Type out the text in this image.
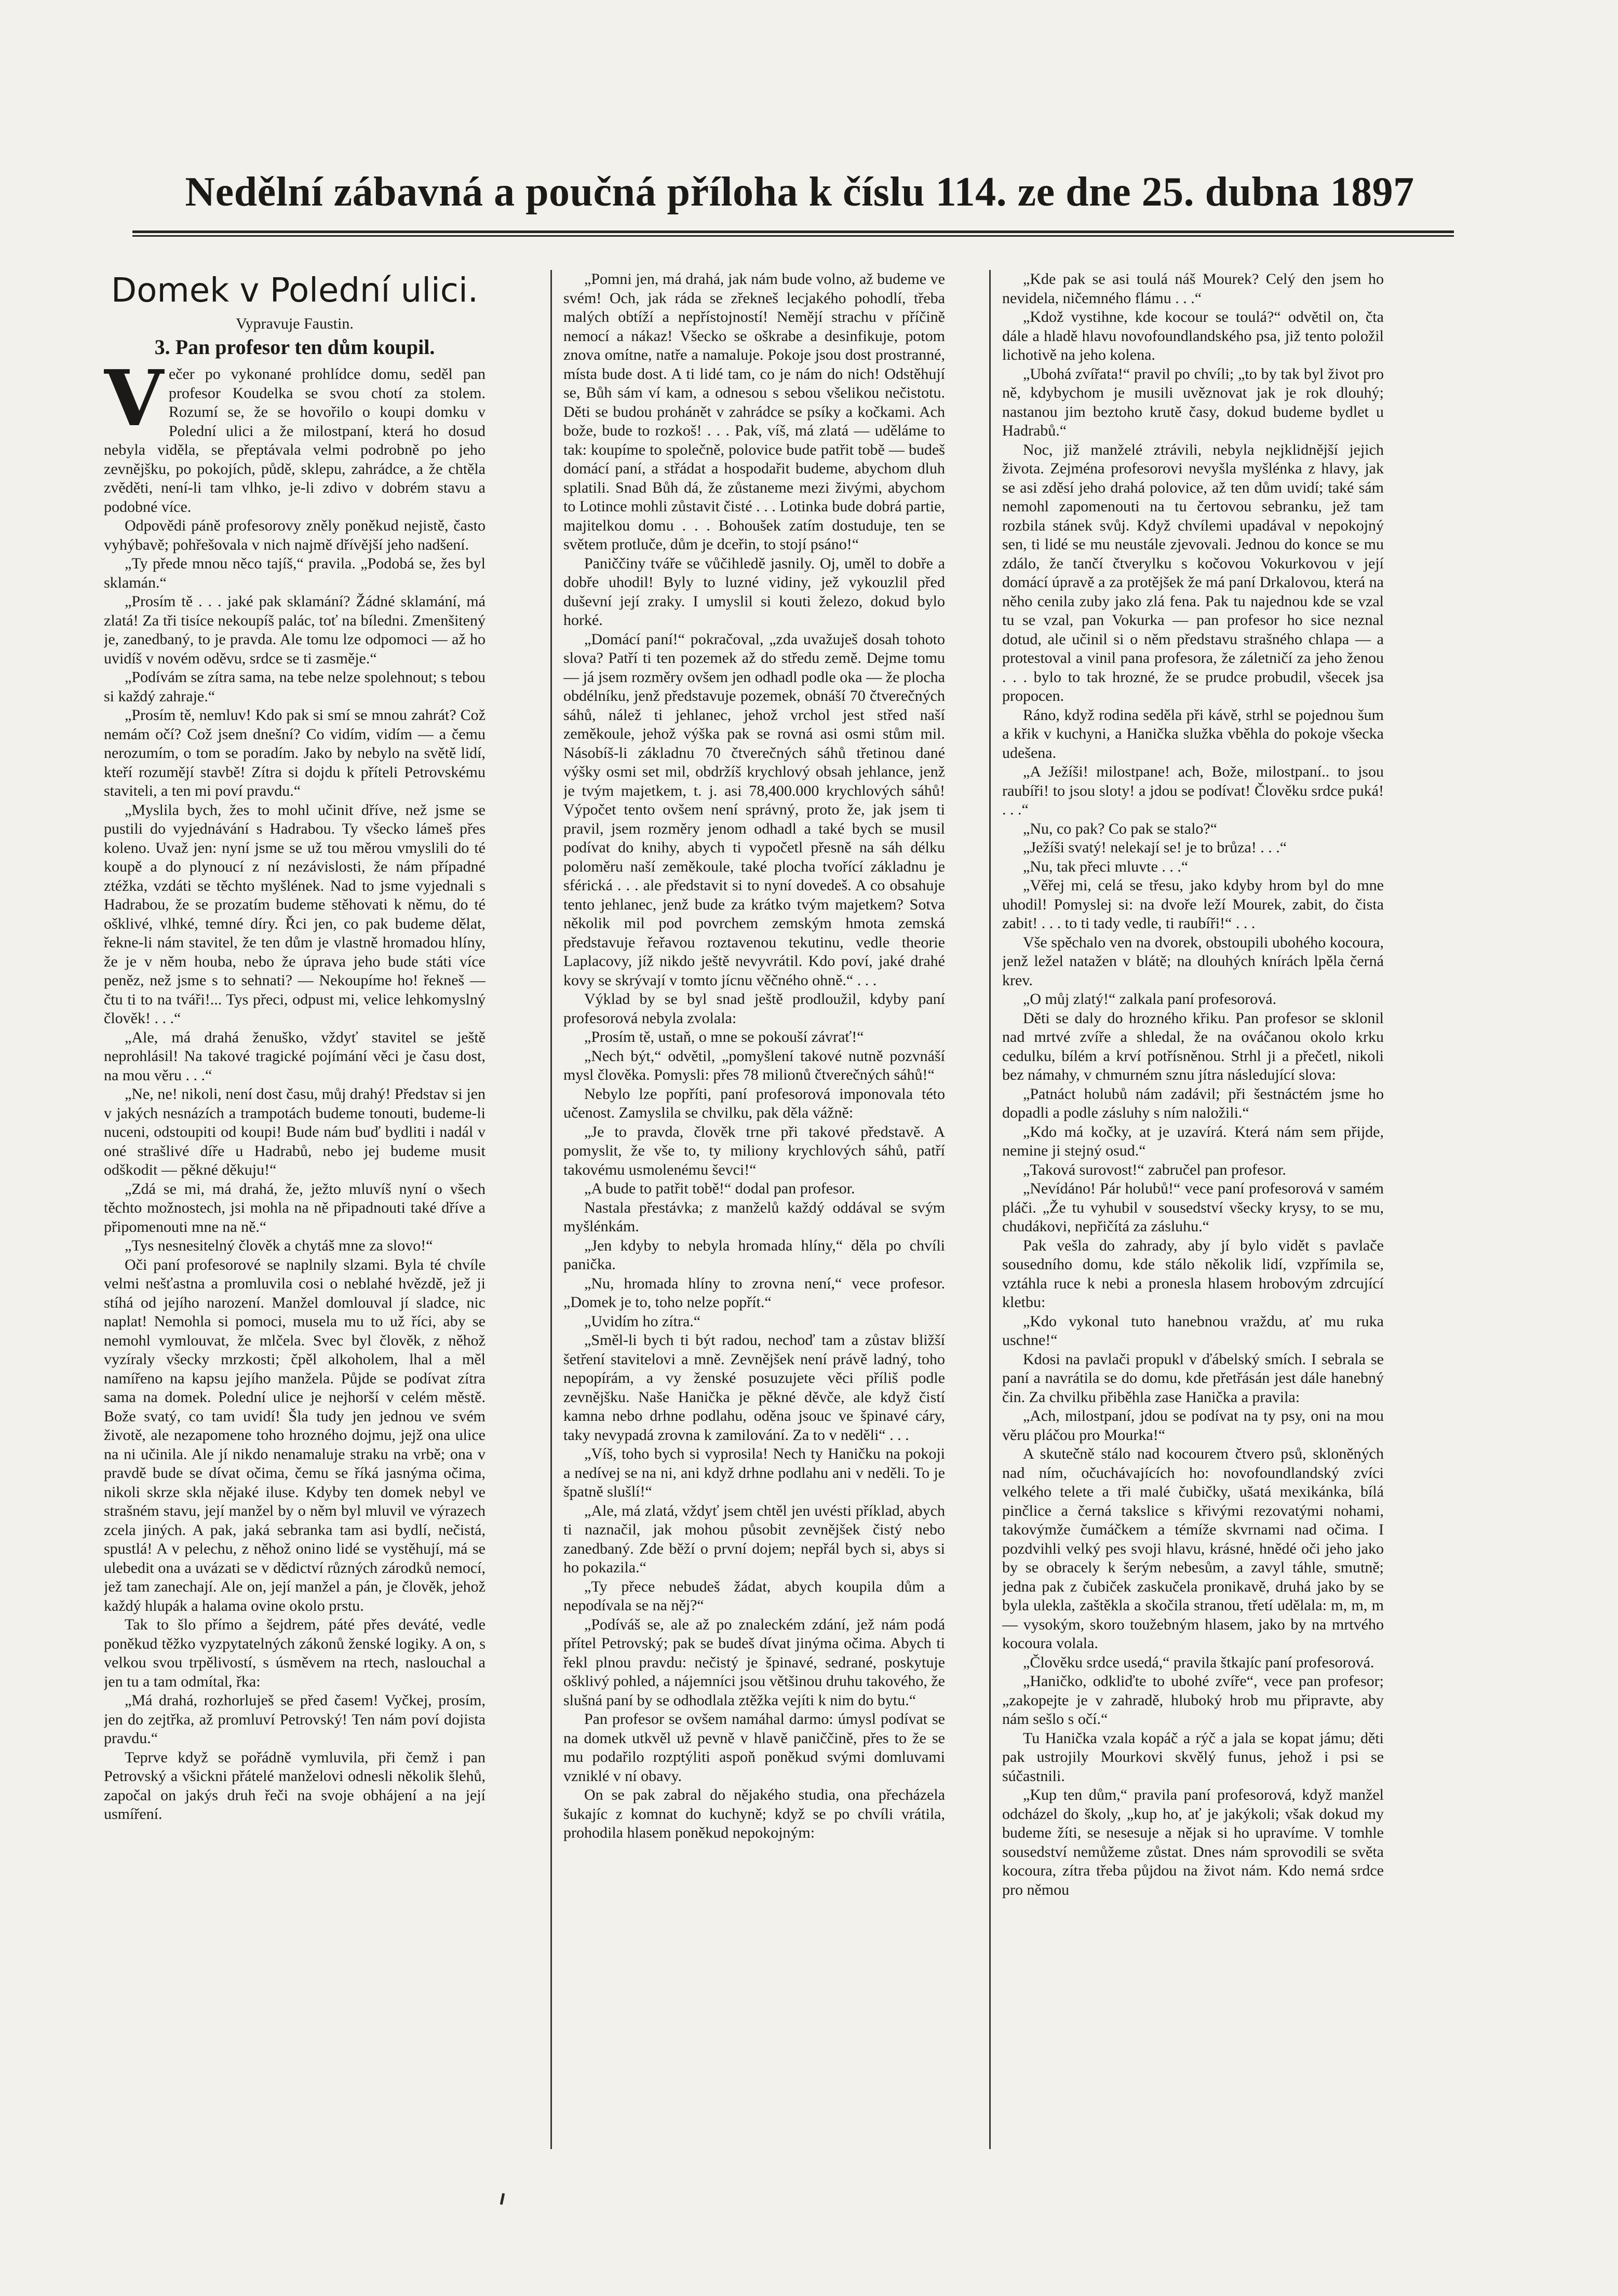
Nedělní zábavná a poučná příloha k číslu 114. ze dne 25. dubna 1897
Domek v Polední ulici.
Vypravuje Faustin.
3. Pan profesor ten dům koupil.
V ečer po vykonané prohlídce domu, seděl pan profesor Koudelka se svou chotí za stolem. Rozumí se, že se hovořilo o koupi domku v Polední ulici a že milostpaní, která ho dosud nebyla viděla, se přeptávala velmi podrobně po jeho zevnějšku, po pokojích, půdě, sklepu, zahrádce, a že chtěla zvěděti, není-li tam vlhko, je-li zdivo v dobrém stavu a podobné více.

Odpovědi páně profesorovy zněly poněkud nejistě, často vyhýbavě; pohřešovala v nich najmě dřívější jeho nadšení.

„Ty přede mnou něco tajíš,“ pravila. „Podobá se, žes byl sklamán.“

„Prosím tě . . . jaké pak sklamání? Žádné sklamání, má zlatá! Za tři tisíce nekoupíš palác, toť na bíledni. Zmenšitený je, zanedbaný, to je pravda. Ale tomu lze odpomoci — až ho uvidíš v novém oděvu, srdce se ti zasměje.“

„Podívám se zítra sama, na tebe nelze spolehnout; s tebou si každý zahraje.“

„Prosím tě, nemluv! Kdo pak si smí se mnou zahrát? Což nemám očí? Což jsem dnešní? Co vidím, vidím — a čemu nerozumím, o tom se poradím. Jako by nebylo na světě lidí, kteří rozumějí stavbě! Zítra si dojdu k příteli Petrovskému staviteli, a ten mi poví pravdu.“

„Myslila bych, žes to mohl učinit dříve, než jsme se pustili do vyjednávání s Hadrabou. Ty všecko lámeš přes koleno. Uvaž jen: nyní jsme se už tou měrou vmyslili do té koupě a do plynoucí z ní nezávislosti, že nám případné ztéžka, vzdáti se těchto myšlének. Nad to jsme vyjednali s Hadrabou, že se prozatím budeme stěhovati k němu, do té ošklivé, vlhké, temné díry. Řci jen, co pak budeme dělat, řekne-li nám stavitel, že ten dům je vlastně hromadou hlíny, že je v něm houba, nebo že úprava jeho bude státi více peněz, než jsme s to sehnati? — Nekoupíme ho! řekneš — čtu ti to na tváři!... Tys přeci, odpust mi, velice lehkomyslný člověk! . . .“

„Ale, má drahá ženuško, vždyť stavitel se ještě neprohlásil! Na takové tragické pojímání věci je času dost, na mou věru . . .“

„Ne, ne! nikoli, není dost času, můj drahý! Představ si jen v jakých nesnázích a trampotách budeme tonouti, budeme-li nuceni, odstoupiti od koupi! Bude nám buď bydliti i nadál v oné strašlivé díře u Hadrabů, nebo jej budeme musit odškodit — pěkné děkuju!“

„Zdá se mi, má drahá, že, ježto mluvíš nyní o všech těchto možnostech, jsi mohla na ně připadnouti také dříve a připomenouti mne na ně.“

„Tys nesnesitelný člověk a chytáš mne za slovo!“

Oči paní profesorové se naplnily slzami. Byla té chvíle velmi nešťastna a promluvila cosi o neblahé hvězdě, jež ji stíhá od jejího narození. Manžel domlouval jí sladce, nic naplat! Nemohla si pomoci, musela mu to už říci, aby se nemohl vymlouvat, že mlčela. Svec byl člověk, z něhož vyzíraly všecky mrzkosti; čpěl alkoholem, lhal a měl namířeno na kapsu jejího manžela. Půjde se podívat zítra sama na domek. Polední ulice je nejhorší v celém městě. Bože svatý, co tam uvidí! Šla tudy jen jednou ve svém životě, ale nezapomene toho hrozného dojmu, jejž ona ulice na ni učinila. Ale jí nikdo nenamaluje straku na vrbě; ona v pravdě bude se dívat očima, čemu se říká jasnýma očima, nikoli skrze skla nějaké iluse. Kdyby ten domek nebyl ve strašném stavu, její manžel by o něm byl mluvil ve výrazech zcela jiných. A pak, jaká sebranka tam asi bydlí, nečistá, spustlá! A v pelechu, z něhož onino lidé se vystěhují, má se ulebedit ona a uvázati se v dědictví různých zárodků nemocí, jež tam zanechají. Ale on, její manžel a pán, je člověk, jehož každý hlupák a halama ovine okolo prstu.

Tak to šlo přímo a šejdrem, páté přes deváté, vedle poněkud těžko vyzpytatelných zákonů ženské logiky. A on, s velkou svou trpělivostí, s úsměvem na rtech, naslouchal a jen tu a tam odmítal, řka:

„Má drahá, rozhorluješ se před časem! Vyčkej, prosím, jen do zejtřka, až promluví Petrovský! Ten nám poví dojista pravdu.“

Teprve když se pořádně vymluvila, při čemž i pan Petrovský a všickni přátelé manželovi odnesli několik šlehů, započal on jakýs druh řeči na svoje obhájení a na její usmíření.

„Pomni jen, má drahá, jak nám bude volno, až budeme ve svém! Och, jak ráda se zřekneš lecjakého pohodlí, třeba malých obtíží a nepřístojností! Nemějí strachu v příčině nemocí a nákaz! Všecko se oškrabe a desinfikuje, potom znova omítne, natře a namaluje. Pokoje jsou dost prostranné, místa bude dost. A ti lidé tam, co je nám do nich! Odstěhují se, Bůh sám ví kam, a odnesou s sebou všelikou nečistotu. Děti se budou prohánět v zahrádce se psíky a kočkami. Ach bože, bude to rozkoš! . . . Pak, víš, má zlatá — uděláme to tak: koupíme to společně, polovice bude patřit tobě — budeš domácí paní, a střádat a hospodařit budeme, abychom dluh splatili. Snad Bůh dá, že zůstaneme mezi živými, abychom to Lotince mohli zůstavit čisté . . . Lotinka bude dobrá partie, majitelkou domu . . . Bohoušek zatím dostuduje, ten se světem protluče, dům je dceřin, to stojí psáno!“

Paniččiny tváře se vůčihledě jasnily. Oj, uměl to dobře a dobře uhodil! Byly to luzné vidiny, jež vykouzlil před duševní její zraky. I umyslil si kouti železo, dokud bylo horké.

„Domácí paní!“ pokračoval, „zda uvažuješ dosah tohoto slova? Patří ti ten pozemek až do středu země. Dejme tomu — já jsem rozměry ovšem jen odhadl podle oka — že plocha obdélníku, jenž představuje pozemek, obnáší 70 čtverečných sáhů, nálež ti jehlanec, jehož vrchol jest střed naší zeměkoule, jehož výška pak se rovná asi osmi stům mil. Násobíš-li základnu 70 čtverečných sáhů třetinou dané výšky osmi set mil, obdržíš krychlový obsah jehlance, jenž je tvým majetkem, t. j. asi 78,400.000 krychlových sáhů! Výpočet tento ovšem není správný, proto že, jak jsem ti pravil, jsem rozměry jenom odhadl a také bych se musil podívat do knihy, abych ti vypočetl přesně na sáh délku poloměru naší zeměkoule, také plocha tvořící základnu je sférická . . . ale představit si to nyní dovedeš. A co obsahuje tento jehlanec, jenž bude za krátko tvým majetkem? Sotva několik mil pod povrchem zemským hmota zemská představuje řeřavou roztavenou tekutinu, vedle theorie Laplacovy, jíž nikdo ještě nevyvrátil. Kdo poví, jaké drahé kovy se skrývají v tomto jícnu věčného ohně.“ . . .

Výklad by se byl snad ještě prodloužil, kdyby paní profesorová nebyla zvolala:

„Prosím tě, ustaň, o mne se pokouší závrať!“

„Nech být,“ odvětil, „pomyšlení takové nutně pozvnáší mysl člověka. Pomysli: přes 78 milionů čtverečných sáhů!“

Nebylo lze popříti, paní profesorová imponovala této učenost. Zamyslila se chvilku, pak děla vážně:

„Je to pravda, člověk trne při takové představě. A pomyslit, že vše to, ty miliony krychlových sáhů, patří takovému usmolenému ševci!“

„A bude to patřit tobě!“ dodal pan profesor.

Nastala přestávka; z manželů každý oddával se svým myšlénkám.

„Jen kdyby to nebyla hromada hlíny,“ děla po chvíli panička.

„Nu, hromada hlíny to zrovna není,“ vece profesor. „Domek je to, toho nelze popřít.“

„Uvidím ho zítra.“

„Směl-li bych ti být radou, nechoď tam a zůstav bližší šetření stavitelovi a mně. Zevnějšek není právě ladný, toho nepopírám, a vy ženské posuzujete věci příliš podle zevnějšku. Naše Hanička je pěkné děvče, ale když čistí kamna nebo drhne podlahu, oděna jsouc ve špinavé cáry, taky nevypadá zrovna k zamilování. Za to v neděli“ . . .

„Víš, toho bych si vyprosila! Nech ty Haničku na pokoji a nedívej se na ni, ani když drhne podlahu ani v neděli. To je špatně slušlí!“

„Ale, má zlatá, vždyť jsem chtěl jen uvésti příklad, abych ti naznačil, jak mohou působit zevnějšek čistý nebo zanedbaný. Zde běží o první dojem; nepřál bych si, abys si ho pokazila.“

„Ty přece nebudeš žádat, abych koupila dům a nepodívala se na něj?“

„Podíváš se, ale až po znaleckém zdání, jež nám podá přítel Petrovský; pak se budeš dívat jinýma očima. Abych ti řekl plnou pravdu: nečistý je špinavé, sedrané, poskytuje ošklivý pohled, a nájemníci jsou většinou druhu takového, že slušná paní by se odhodlala ztěžka vejíti k nim do bytu.“

Pan profesor se ovšem namáhal darmo: úmysl podívat se na domek utkvěl už pevně v hlavě paniččině, přes to že se mu podařilo rozptýliti aspoň poněkud svými domluvami vzniklé v ní obavy.

On se pak zabral do nějakého studia, ona přecházela šukajíc z komnat do kuchyně; když se po chvíli vrátila, prohodila hlasem poněkud nepokojným:

„Kde pak se asi toulá náš Mourek? Celý den jsem ho nevidela, ničemného flámu . . .“

„Kdož vystihne, kde kocour se toulá?“ odvětil on, čta dále a hladě hlavu novofoundlandského psa, již tento položil lichotivě na jeho kolena.

„Ubohá zvířata!“ pravil po chvíli; „to by tak byl život pro ně, kdybychom je musili uvěznovat jak je rok dlouhý; nastanou jim beztoho krutě časy, dokud budeme bydlet u Hadrabů.“

Noc, již manželé ztrávili, nebyla nejklidnější jejich života. Zejména profesorovi nevyšla myšlénka z hlavy, jak se asi zděsí jeho drahá polovice, až ten dům uvidí; také sám nemohl zapomenouti na tu čertovou sebranku, jež tam rozbila stánek svůj. Když chvílemi upadával v nepokojný sen, ti lidé se mu neustále zjevovali. Jednou do konce se mu zdálo, že tančí čtverylku s kočovou Vokurkovou v její domácí úpravě a za protějšek že má paní Drkalovou, která na něho cenila zuby jako zlá fena. Pak tu najednou kde se vzal tu se vzal, pan Vokurka — pan profesor ho sice neznal dotud, ale učinil si o něm představu strašného chlapa — a protestoval a vinil pana profesora, že záletničí za jeho ženou . . . bylo to tak hrozné, že se prudce probudil, všecek jsa propocen.

Ráno, když rodina seděla při kávě, strhl se pojednou šum a křik v kuchyni, a Hanička služka vběhla do pokoje všecka udešena.

„A Ježíši! milostpane! ach, Bože, milostpaní.. to jsou raubíři! to jsou sloty! a jdou se podívat! Člověku srdce puká! . . .“

„Nu, co pak? Co pak se stalo?“

„Ježíši svatý! nelekají se! je to brůza! . . .“

„Nu, tak přeci mluvte . . .“

„Věřej mi, celá se třesu, jako kdyby hrom byl do mne uhodil! Pomyslej si: na dvoře leží Mourek, zabit, do čista zabit! . . . to ti tady vedle, ti raubíři!“ . . .

Vše spěchalo ven na dvorek, obstoupili ubohého kocoura, jenž ležel natažen v blátě; na dlouhých knírách lpěla černá krev.

„O můj zlatý!“ zalkala paní profesorová.

Děti se daly do hrozného křiku. Pan profesor se sklonil nad mrtvé zvíře a shledal, že na ováčanou okolo krku cedulku, bílém a krví potřísněnou. Strhl ji a přečetl, nikoli bez námahy, v chmurném sznu jítra následující slova:

„Patnáct holubů nám zadávil; při šestnáctém jsme ho dopadli a podle zásluhy s ním naložili.“

„Kdo má kočky, at je uzavírá. Která nám sem přijde, nemine ji stejný osud.“

„Taková surovost!“ zabručel pan profesor.

„Nevídáno! Pár holubů!“ vece paní profesorová v samém pláči. „Že tu vyhubil v sousedství všecky krysy, to se mu, chudákovi, nepřičítá za zásluhu.“

Pak vešla do zahrady, aby jí bylo vidět s pavlače sousedního domu, kde stálo několik lidí, vzpřímila se, vztáhla ruce k nebi a pronesla hlasem hrobovým zdrcující kletbu:

„Kdo vykonal tuto hanebnou vraždu, ať mu ruka uschne!“

Kdosi na pavlači propukl v ďábelský smích. I sebrala se paní a navrátila se do domu, kde přetřásán jest dále hanebný čin. Za chvilku přiběhla zase Hanička a pravila:

„Ach, milostpaní, jdou se podívat na ty psy, oni na mou věru pláčou pro Mourka!“

A skutečně stálo nad kocourem čtvero psů, skloněných nad ním, očuchávajících ho: novofoundlandský zvíci velkého telete a tři malé čubičky, ušatá mexikánka, bílá pinčlice a černá takslice s křivými rezovatými nohami, takovýmže čumáčkem a témíže skvrnami nad očima. I pozdvihli velký pes svoji hlavu, krásné, hnědé oči jeho jako by se obracely k šerým nebesům, a zavyl táhle, smutně; jedna pak z čubiček zaskučela pronikavě, druhá jako by se byla ulekla, zaštěkla a skočila stranou, třetí udělala: m, m, m — vysokým, skoro toužebným hlasem, jako by na mrtvého kocoura volala.

„Člověku srdce usedá,“ pravila štkajíc paní profesorová.

„Haničko, odkliďte to ubohé zvíře“, vece pan profesor; „zakopejte je v zahradě, hluboký hrob mu připravte, aby nám sešlo s očí.“

Tu Hanička vzala kopáč a rýč a jala se kopat jámu; děti pak ustrojily Mourkovi skvělý funus, jehož i psi se súčastnili.

„Kup ten dům,“ pravila paní profesorová, když manžel odcházel do školy, „kup ho, ať je jakýkoli; však dokud my budeme žíti, se nesesuje a nějak si ho upravíme. V tomhle sousedství nemůžeme zůstat. Dnes nám sprovodili se světa kocoura, zítra třeba půjdou na život nám. Kdo nemá srdce pro němou
